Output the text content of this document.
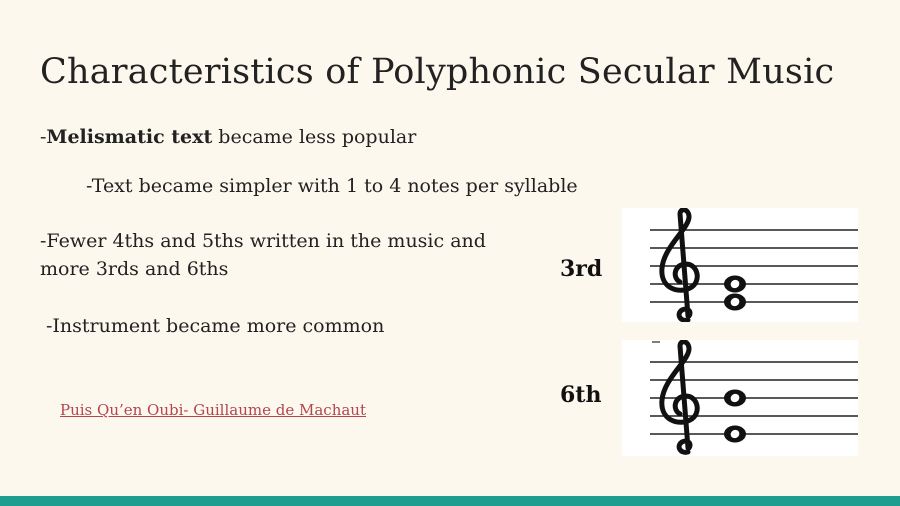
Characteristics of Polyphonic Secular Music
-Melismatic text became less popular
-Text became simpler with 1 to 4 notes per syllable
-Fewer 4ths and 5ths written in the music and more 3rds and 6ths
-Instrument became more common
Puis Qu’en Oubi- Guillaume de Machaut
3rd
6th
